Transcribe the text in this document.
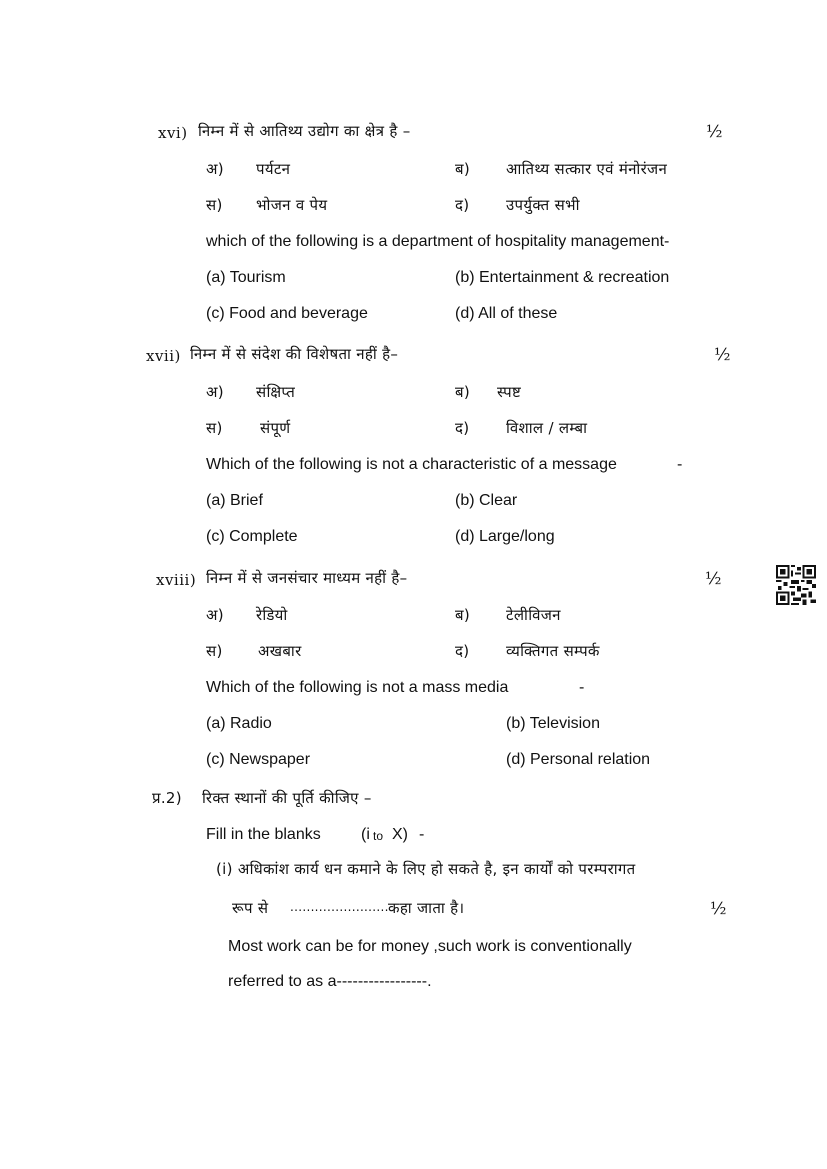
xvi) निम्न में से आतिथ्य उद्योग का क्षेत्र है –	½
अ) पर्यटन	ब) आतिथ्य सत्कार एवं मंनोरंजन
स) भोजन व पेय	द) उपर्युक्त सभी
which of the following is a department of hospitality management-
(a) Tourism	(b) Entertainment & recreation
(c) Food and beverage	(d) All of these
xvii) निम्न में से संदेश की विशेषता नहीं है–	½
अ) संक्षिप्त	ब) स्पष्ट
स) संपूर्ण	द) विशाल / लम्बा
Which of the following is not a characteristic of a message	-
(a) Brief	(b) Clear
(c) Complete	(d) Large/long
xviii) निम्न में से जनसंचार माध्यम नहीं है–	½
अ) रेडियो	ब) टेलीविजन
स) अखबार	द) व्यक्तिगत सम्पर्क
Which of the following is not a mass media	-
(a) Radio	(b) Television
(c) Newspaper	(d) Personal relation
प्र.2) रिक्त स्थानों की पूर्ति कीजिए –
Fill in the blanks	(i to X) -
(i) अधिकांश कार्य धन कमाने के लिए हो सकते है, इन कार्यों को परम्परागत
रूप से ........................ कहा जाता है।	½
Most work can be for money ,such work is conventionally
referred to as a-----------------.
